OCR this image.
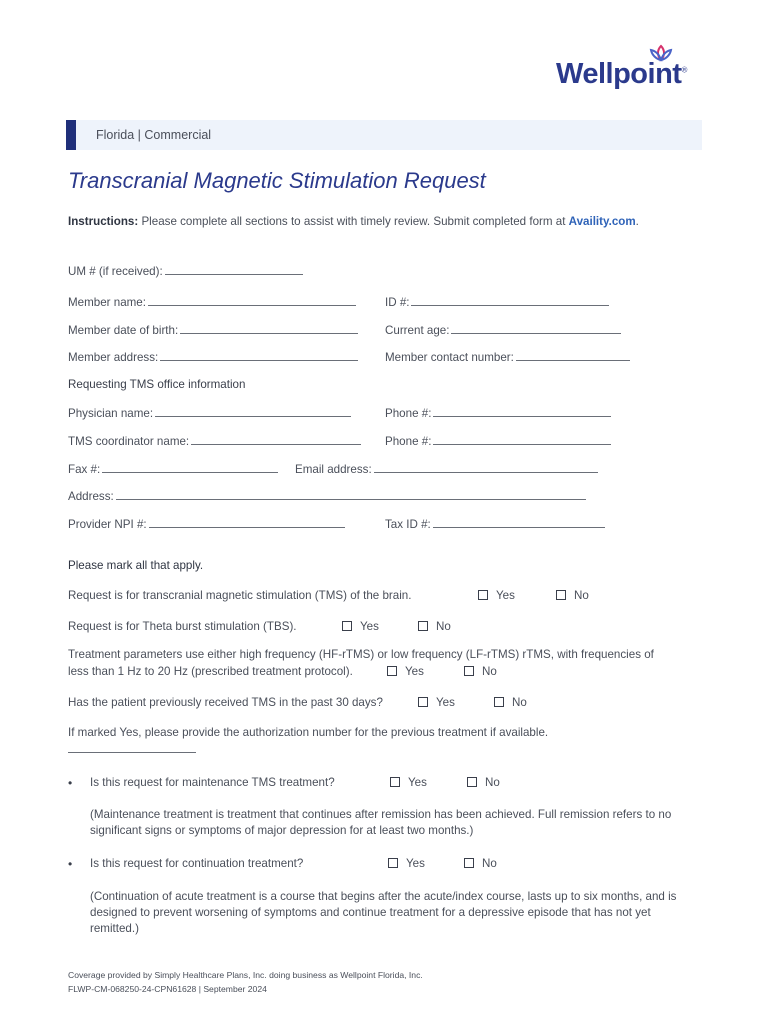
Wellpoint®
Florida | Commercial
Transcranial Magnetic Stimulation Request
Instructions: Please complete all sections to assist with timely review. Submit completed form at Availity.com.
UM # (if received):
Member name:	ID #:
Member date of birth:	Current age:
Member address:	Member contact number:
Requesting TMS office information
Physician name:	Phone #:
TMS coordinator name:	Phone #:
Fax #:	Email address:
Address:
Provider NPI #:	Tax ID #:
Please mark all that apply.
Request is for transcranial magnetic stimulation (TMS) of the brain.	Yes	No
Request is for Theta burst stimulation (TBS).	Yes	No
Treatment parameters use either high frequency (HF-rTMS) or low frequency (LF-rTMS) rTMS, with frequencies of
less than 1 Hz to 20 Hz (prescribed treatment protocol).	Yes	No
Has the patient previously received TMS in the past 30 days?	Yes	No
If marked Yes, please provide the authorization number for the previous treatment if available.
• Is this request for maintenance TMS treatment?	Yes	No
(Maintenance treatment is treatment that continues after remission has been achieved. Full remission refers to no significant signs or symptoms of major depression for at least two months.)
• Is this request for continuation treatment?	Yes	No
(Continuation of acute treatment is a course that begins after the acute/index course, lasts up to six months, and is designed to prevent worsening of symptoms and continue treatment for a depressive episode that has not yet remitted.)
Coverage provided by Simply Healthcare Plans, Inc. doing business as Wellpoint Florida, Inc.
FLWP-CM-068250-24-CPN61628 | September 2024
